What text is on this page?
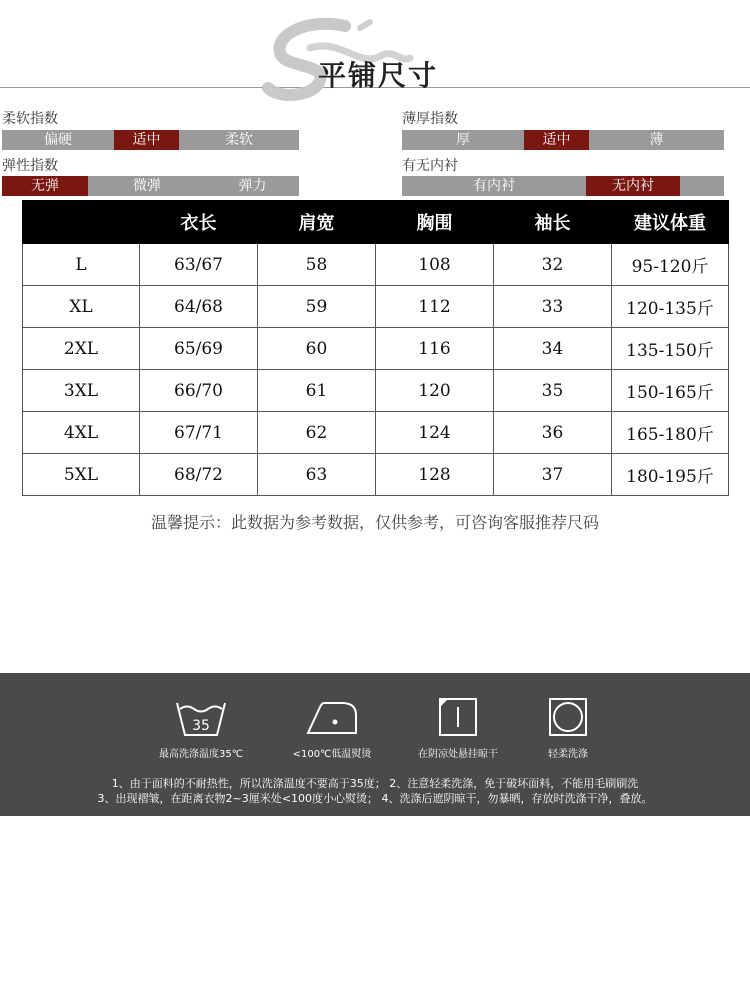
平铺尺寸
柔软指数
偏硬	适中	柔软
薄厚指数
厚	适中	薄
弹性指数
无弹	微弹	弹力
有无内衬
有内衬	无内衬
	衣长	肩宽	胸围	袖长	建议体重
L	63/67	58	108	32	95-120斤
XL	64/68	59	112	33	120-135斤
2XL	65/69	60	116	34	135-150斤
3XL	66/70	61	120	35	150-165斤
4XL	67/71	62	124	36	165-180斤
5XL	68/72	63	128	37	180-195斤
温馨提示：此数据为参考数据，仅供参考，可咨询客服推荐尺码
35
最高洗涤温度35℃	<100℃低温熨烫	在阴凉处悬挂晾干	轻柔洗涤
1、由于面料的不耐热性，所以洗涤温度不要高于35度； 2、注意轻柔洗涤，免于破坏面料，不能用毛刷刷洗
3、出现褶皱，在距离衣物2~3厘米处<100度小心熨烫； 4、洗涤后遮阴晾干，勿暴晒，存放时洗涤干净，叠放。
